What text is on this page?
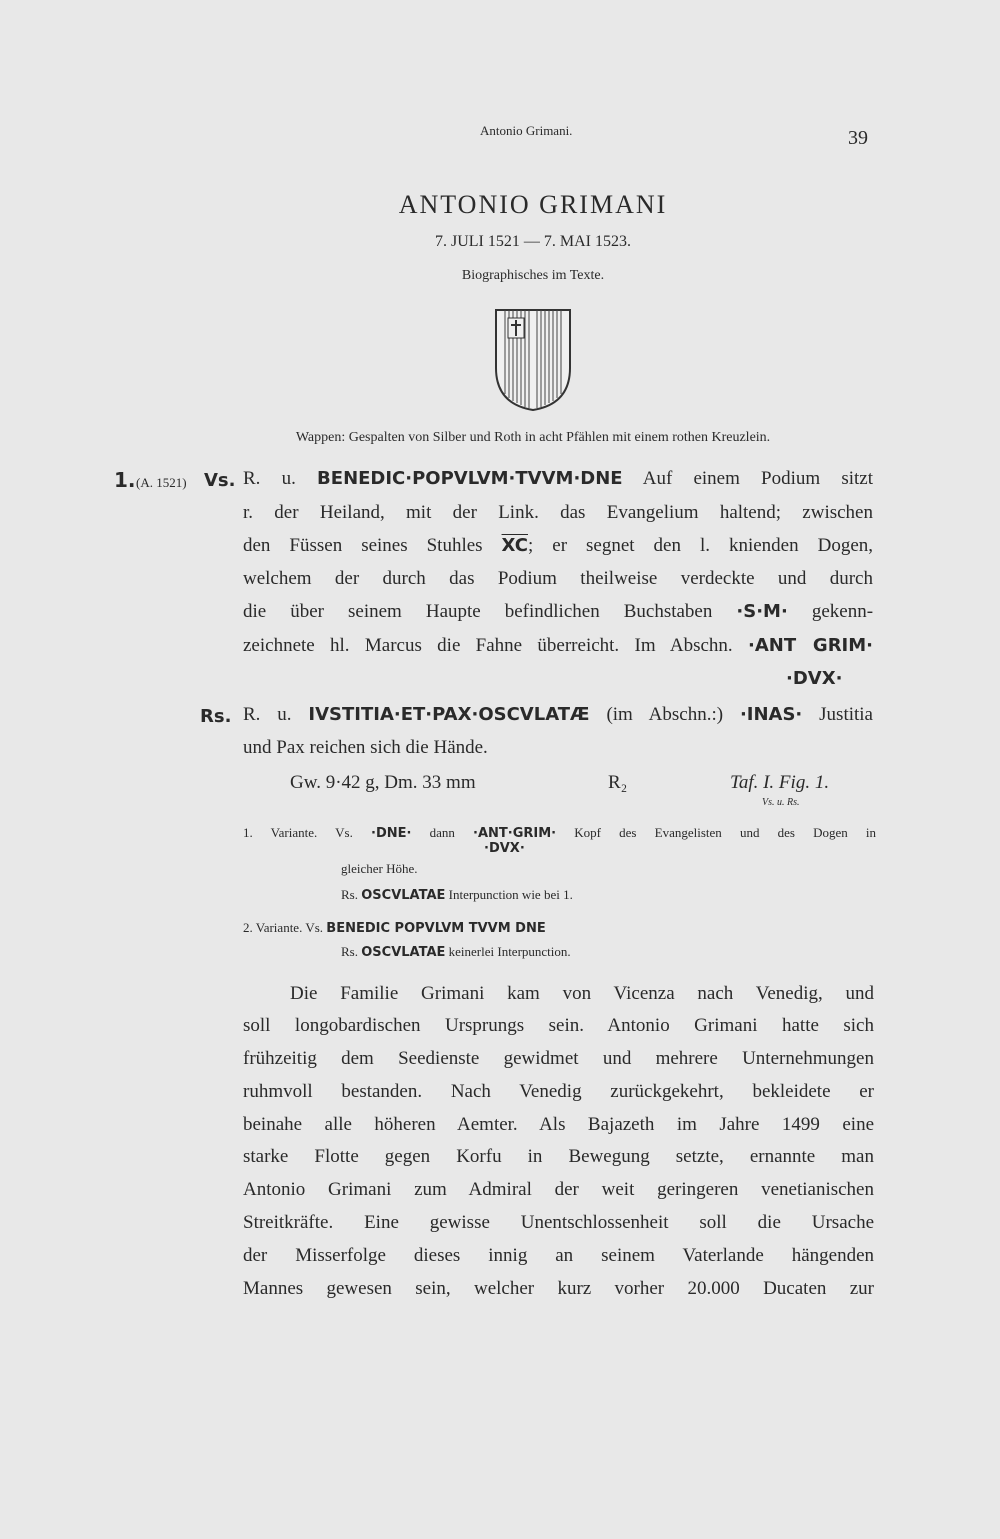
Antonio Grimani.	39
ANTONIO GRIMANI
7. JULI 1521 — 7. MAI 1523.
Biographisches im Texte.
Wappen: Gespalten von Silber und Roth in acht Pfählen mit einem rothen Kreuzlein.
1. (A. 1521) Vs. R. u. BENEDIC·POPVLVM·TVVM·DNE Auf einem Podium sitzt
r. der Heiland, mit der Link. das Evangelium haltend; zwischen
den Füssen seines Stuhles $\overline{XC}$; er segnet den l. knienden Dogen,
welchem der durch das Podium theilweise verdeckte und durch
die über seinem Haupte befindlichen Buchstaben ·S·M· gekenn-
zeichnete hl. Marcus die Fahne überreicht. Im Abschn. ·ANT GRIM·
·DVX·
Rs. R. u. IVSTITIA·ET·PAX·OSCVLATÆ (im Abschn.:) ·INAS· Justitia
und Pax reichen sich die Hände.
Gw. 9·42 g, Dm. 33 mm	R₂	Taf. I. Fig. 1.
Vs. u. Rs.
1. Variante. Vs. ·DNE· dann ·ANT·GRIM· Kopf des Evangelisten und des Dogen in
·DVX·
gleicher Höhe.
Rs. OSCVLATAE Interpunction wie bei 1.
2. Variante. Vs. BENEDIC POPVLVM TVVM DNE
Rs. OSCVLATAE keinerlei Interpunction.
Die Familie Grimani kam von Vicenza nach Venedig, und
soll longobardischen Ursprungs sein. Antonio Grimani hatte sich
frühzeitig dem Seedienste gewidmet und mehrere Unternehmungen
ruhmvoll bestanden. Nach Venedig zurückgekehrt, bekleidete er
beinahe alle höheren Aemter. Als Bajazeth im Jahre 1499 eine
starke Flotte gegen Korfu in Bewegung setzte, ernannte man
Antonio Grimani zum Admiral der weit geringeren venetianischen
Streitkräfte. Eine gewisse Unentschlossenheit soll die Ursache
der Misserfolge dieses innig an seinem Vaterlande hängenden
Mannes gewesen sein, welcher kurz vorher 20.000 Ducaten zur
